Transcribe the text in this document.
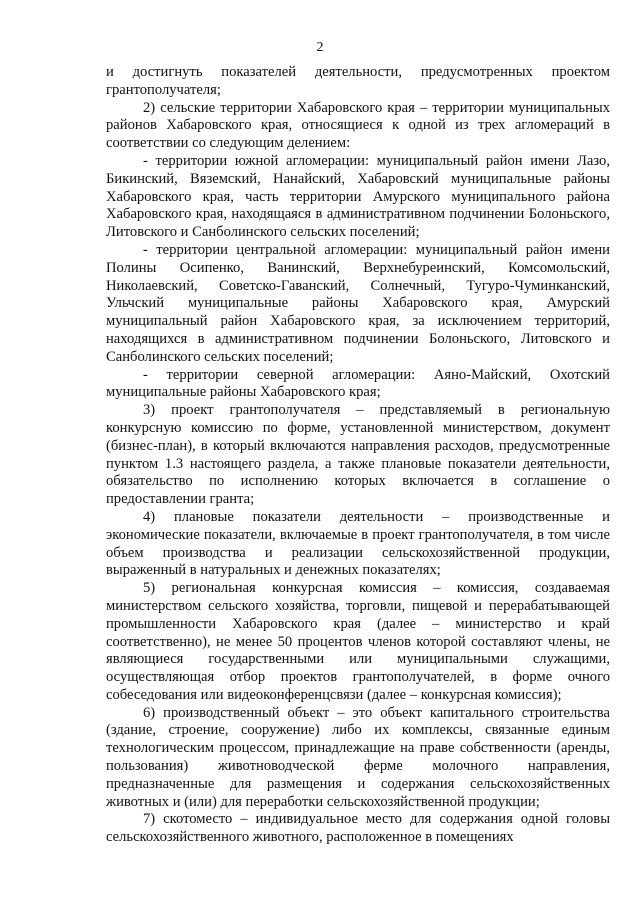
2

и достигнуть показателей деятельности, предусмотренных проектом грантополучателя;

2) сельские территории Хабаровского края – территории муниципальных районов Хабаровского края, относящиеся к одной из трех агломераций в соответствии со следующим делением:

- территории южной агломерации: муниципальный район имени Лазо, Бикинский, Вяземский, Нанайский, Хабаровский муниципальные районы Хабаровского края, часть территории Амурского муниципального района Хабаровского края, находящаяся в административном подчинении Болоньского, Литовского и Санболинского сельских поселений;

- территории центральной агломерации: муниципальный район имени Полины Осипенко, Ванинский, Верхнебуреинский, Комсомольский, Николаевский, Советско-Гаванский, Солнечный, Тугуро-Чуминканский, Ульчский муниципальные районы Хабаровского края, Амурский муниципальный район Хабаровского края, за исключением территорий, находящихся в административном подчинении Болоньского, Литовского и Санболинского сельских поселений;

- территории северной агломерации: Аяно-Майский, Охотский муниципальные районы Хабаровского края;

3) проект грантополучателя – представляемый в региональную конкурсную комиссию по форме, установленной министерством, документ (бизнес-план), в который включаются направления расходов, предусмотренные пунктом 1.3 настоящего раздела, а также плановые показатели деятельности, обязательство по исполнению которых включается в соглашение о предоставлении гранта;

4) плановые показатели деятельности – производственные и экономические показатели, включаемые в проект грантополучателя, в том числе объем производства и реализации сельскохозяйственной продукции, выраженный в натуральных и денежных показателях;

5) региональная конкурсная комиссия – комиссия, создаваемая министерством сельского хозяйства, торговли, пищевой и перерабатывающей промышленности Хабаровского края (далее – министерство и край соответственно), не менее 50 процентов членов которой составляют члены, не являющиеся государственными или муниципальными служащими, осуществляющая отбор проектов грантополучателей, в форме очного собеседования или видеоконференцсвязи (далее – конкурсная комиссия);

6) производственный объект – это объект капитального строительства (здание, строение, сооружение) либо их комплексы, связанные единым технологическим процессом, принадлежащие на праве собственности (аренды, пользования) животноводческой ферме молочного направления, предназначенные для размещения и содержания сельскохозяйственных животных и (или) для переработки сельскохозяйственной продукции;

7) скотоместо – индивидуальное место для содержания одной головы сельскохозяйственного животного, расположенное в помещениях
